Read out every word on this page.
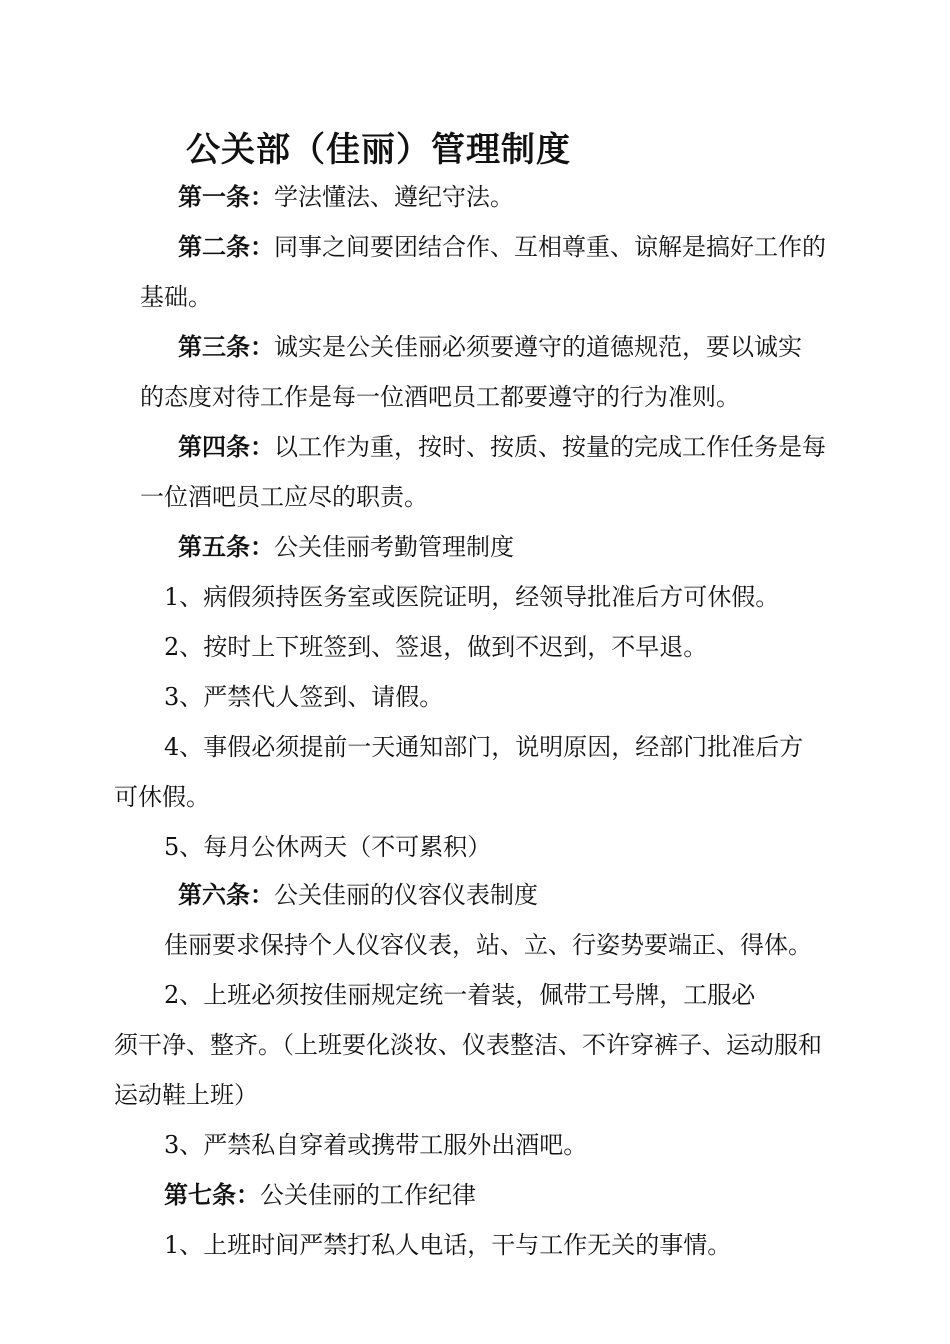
公关部（佳丽）管理制度
第一条：学法懂法、遵纪守法。
第二条：同事之间要团结合作、互相尊重、谅解是搞好工作的
基础。
第三条：诚实是公关佳丽必须要遵守的道德规范，要以诚实
的态度对待工作是每一位酒吧员工都要遵守的行为准则。
第四条：以工作为重，按时、按质、按量的完成工作任务是每
一位酒吧员工应尽的职责。
第五条：公关佳丽考勤管理制度
1、病假须持医务室或医院证明，经领导批准后方可休假。
2、按时上下班签到、签退，做到不迟到，不早退。
3、严禁代人签到、请假。
4、事假必须提前一天通知部门，说明原因，经部门批准后方
可休假。
5、每月公休两天（不可累积）
第六条：公关佳丽的仪容仪表制度
佳丽要求保持个人仪容仪表，站、立、行姿势要端正、得体。
2、上班必须按佳丽规定统一着装，佩带工号牌，工服必
须干净、整齐。（上班要化淡妆、仪表整洁、不许穿裤子、运动服和
运动鞋上班）
3、严禁私自穿着或携带工服外出酒吧。
第七条：公关佳丽的工作纪律
1、上班时间严禁打私人电话，干与工作无关的事情。
